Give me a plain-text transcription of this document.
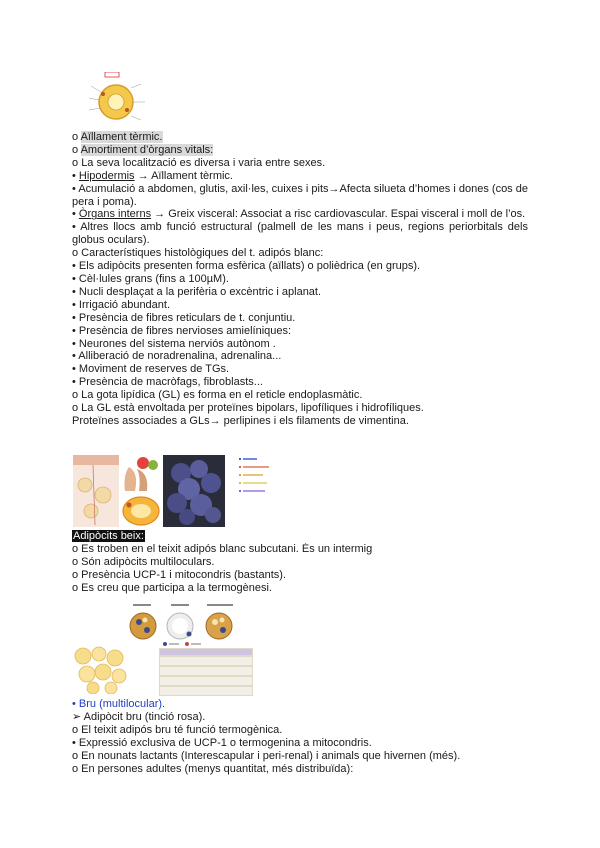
o Aïllament tèrmic.
o Amortiment d’òrgans vitals:
o La seva localització es diversa i varia entre sexes.
• Hipodermis → Aïllament tèrmic.
• Acumulació a abdomen, glutis, axil·les, cuixes i pits→Afecta silueta d’homes i dones (cos de pera i poma).
• Òrgans interns → Greix visceral: Associat a risc cardiovascular. Espai visceral i moll de l’os.
• Altres llocs amb funció estructural (palmell de les mans i peus, regions periorbitals dels globus oculars).
o Característiques histològiques del t. adipós blanc:
• Els adipòcits presenten forma esfèrica (aïllats) o polièdrica (en grups).
• Cèl·lules grans (fins a 100µM).
• Nucli desplaçat a la perifèria o excèntric i aplanat.
• Irrigació abundant.
• Presència de fibres reticulars de t. conjuntiu.
• Presència de fibres nervioses amielíniques:
• Neurones del sistema nerviós autònom .
• Alliberació de noradrenalina, adrenalina...
• Moviment de reserves de TGs.
• Presència de macròfags, fibroblasts...
o La gota lipídica (GL) es forma en el reticle endoplasmàtic.
o La GL està envoltada per proteïnes bipolars, lipofíliques i hidrofíliques.
Proteïnes associades a GLs→ perlipines i els filaments de vimentina.
Adipòcits beix:
o Es troben en el teixit adipós blanc subcutani. És un intermig
o Són adipòcits multiloculars.
o Presència UCP-1 i mitocondris (bastants).
o Es creu que participa a la termogènesi.
• Bru (multilocular).
➢ Adipòcit bru (tinció rosa).
o El teixit adipós bru té funció termogènica.
• Expressió exclusiva de UCP-1 o termogenina a mitocondris.
o En nounats lactants (Interescapular i peri-renal) i animals que hivernen (més).
o En persones adultes (menys quantitat, més distribuïda):
